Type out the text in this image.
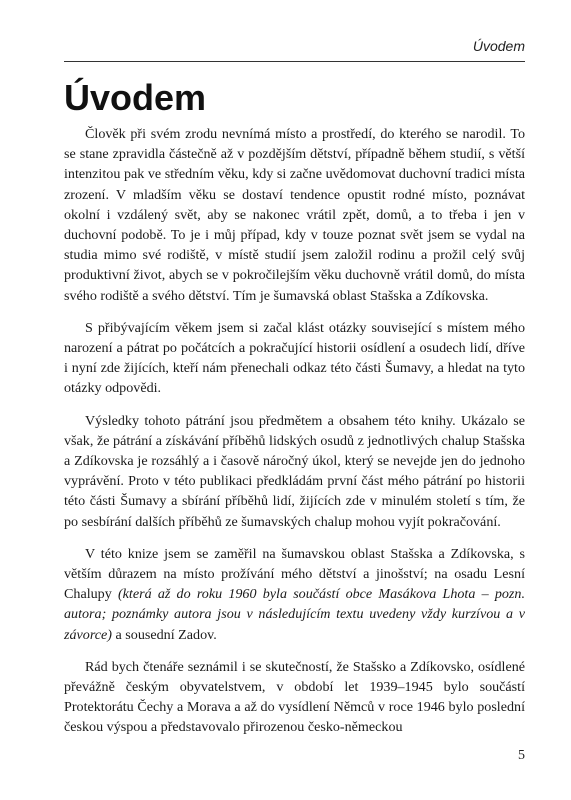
Úvodem
Úvodem

Člověk při svém zrodu nevnímá místo a prostředí, do kterého se narodil. To se stane zpravidla částečně až v pozdějším dětství, případně během studií, s větší intenzitou pak ve středním věku, kdy si začne uvědomovat duchovní tradici místa zrození. V mladším věku se dostaví tendence opustit rodné místo, poznávat okolní i vzdálený svět, aby se nakonec vrátil zpět, domů, a to třeba i jen v duchovní podobě. To je i můj případ, kdy v touze poznat svět jsem se vydal na studia mimo své rodiště, v místě studií jsem založil rodinu a prožil celý svůj produktivní život, abych se v pokročilejším věku duchovně vrátil domů, do místa svého rodiště a svého dětství. Tím je šumavská oblast Stašska a Zdíkovska.

S přibývajícím věkem jsem si začal klást otázky související s místem mého narození a pátrat po počátcích a pokračující historii osídlení a osudech lidí, dříve i nyní zde žijících, kteří nám přenechali odkaz této části Šumavy, a hledat na tyto otázky odpovědi.

Výsledky tohoto pátrání jsou předmětem a obsahem této knihy. Ukázalo se však, že pátrání a získávání příběhů lidských osudů z jednotlivých chalup Stašska a Zdíkovska je rozsáhlý a i časově náročný úkol, který se nevejde jen do jednoho vyprávění. Proto v této publikaci předkládám první část mého pátrání po historii této části Šumavy a sbírání příběhů lidí, žijících zde v minulém století s tím, že po sesbírání dalších příběhů ze šumavských chalup mohou vyjít pokračování.

V této knize jsem se zaměřil na šumavskou oblast Stašska a Zdíkovska, s větším důrazem na místo prožívání mého dětství a jinošství; na osadu Lesní Chalupy (která až do roku 1960 byla součástí obce Masákova Lhota – pozn. autora; poznámky autora jsou v následujícím textu uvedeny vždy kurzívou a v závorce) a sousední Zadov.

Rád bych čtenáře seznámil i se skutečností, že Stašsko a Zdíkovsko, osídlené převážně českým obyvatelstvem, v období let 1939–1945 bylo součástí Protektorátu Čechy a Morava a až do vysídlení Němců v roce 1946 bylo poslední českou výspou a představovalo přirozenou česko-německou

5
